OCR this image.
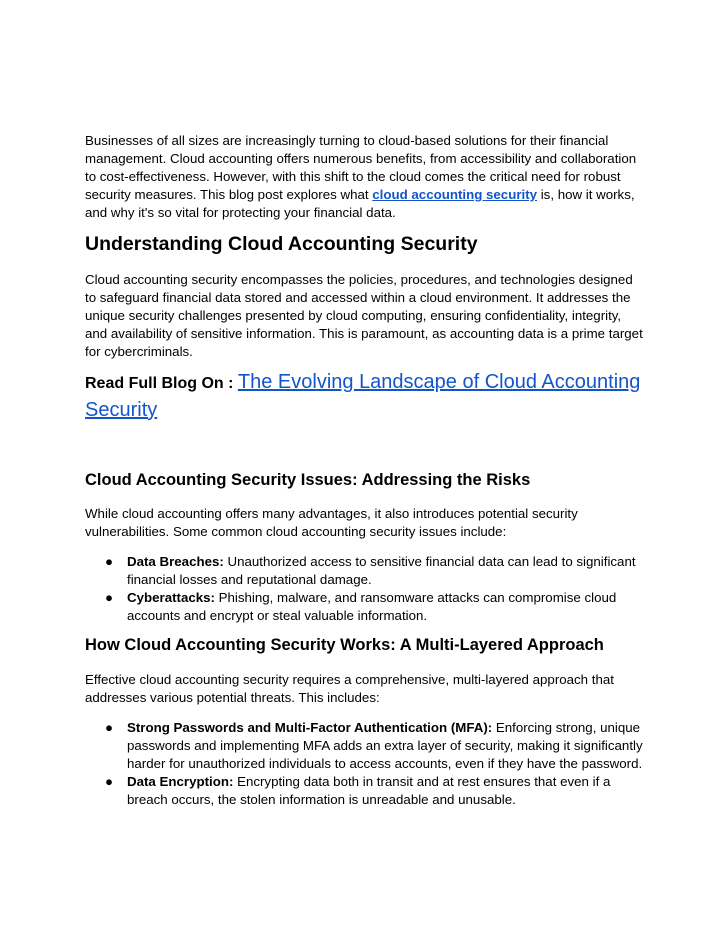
Businesses of all sizes are increasingly turning to cloud-based solutions for their financial management. Cloud accounting offers numerous benefits, from accessibility and collaboration to cost-effectiveness. However, with this shift to the cloud comes the critical need for robust security measures. This blog post explores what cloud accounting security is, how it works, and why it's so vital for protecting your financial data.

Understanding Cloud Accounting Security

Cloud accounting security encompasses the policies, procedures, and technologies designed to safeguard financial data stored and accessed within a cloud environment. It addresses the unique security challenges presented by cloud computing, ensuring confidentiality, integrity, and availability of sensitive information. This is paramount, as accounting data is a prime target for cybercriminals.

Read Full Blog On : The Evolving Landscape of Cloud Accounting Security

Cloud Accounting Security Issues: Addressing the Risks

While cloud accounting offers many advantages, it also introduces potential security vulnerabilities. Some common cloud accounting security issues include:

● Data Breaches: Unauthorized access to sensitive financial data can lead to significant financial losses and reputational damage.
● Cyberattacks: Phishing, malware, and ransomware attacks can compromise cloud accounts and encrypt or steal valuable information.
How Cloud Accounting Security Works: A Multi-Layered Approach

Effective cloud accounting security requires a comprehensive, multi-layered approach that addresses various potential threats. This includes:

● Strong Passwords and Multi-Factor Authentication (MFA): Enforcing strong, unique passwords and implementing MFA adds an extra layer of security, making it significantly harder for unauthorized individuals to access accounts, even if they have the password.
● Data Encryption: Encrypting data both in transit and at rest ensures that even if a breach occurs, the stolen information is unreadable and unusable.
